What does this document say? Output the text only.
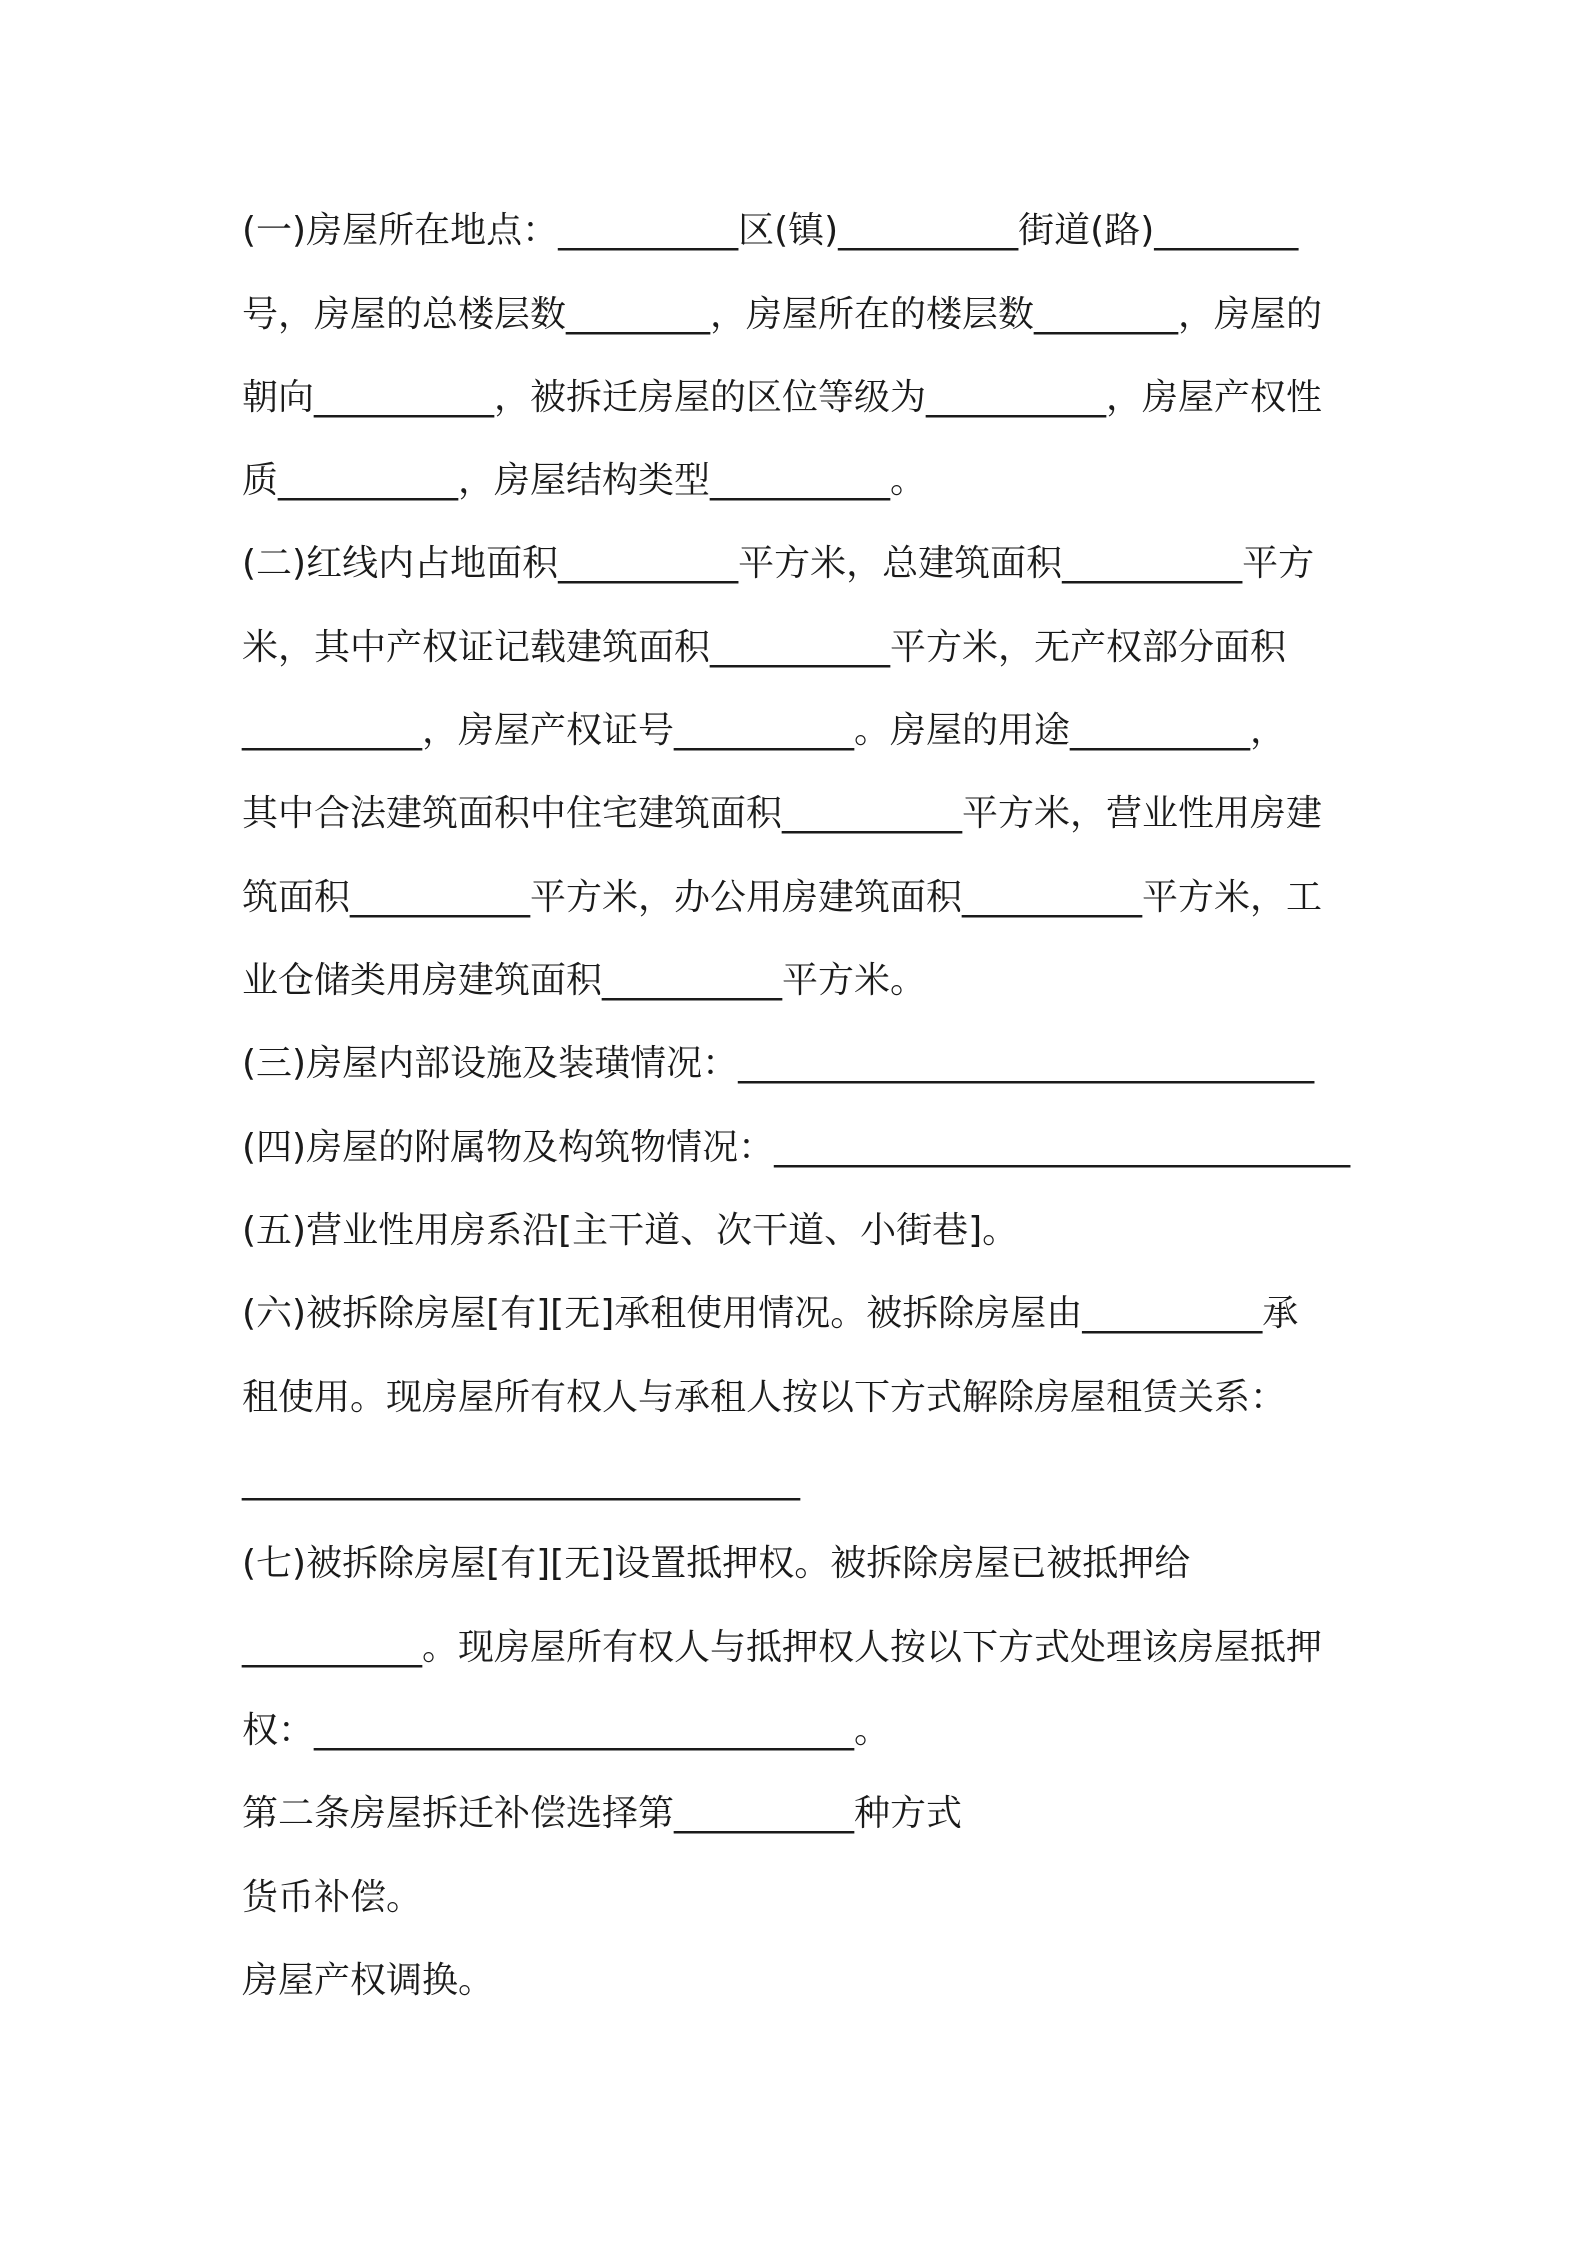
(一)房屋所在地点：__________区(镇)__________街道(路)________
号，房屋的总楼层数________，房屋所在的楼层数________，房屋的
朝向__________，被拆迁房屋的区位等级为__________，房屋产权性
质__________，房屋结构类型__________。
(二)红线内占地面积__________平方米，总建筑面积__________平方
米，其中产权证记载建筑面积__________平方米，无产权部分面积
__________，房屋产权证号__________。房屋的用途__________，
其中合法建筑面积中住宅建筑面积__________平方米，营业性用房建
筑面积__________平方米，办公用房建筑面积__________平方米，工
业仓储类用房建筑面积__________平方米。
(三)房屋内部设施及装璜情况：________________________________
(四)房屋的附属物及构筑物情况：________________________________
(五)营业性用房系沿[主干道、次干道、小街巷]。
(六)被拆除房屋[有][无]承租使用情况。被拆除房屋由__________承
租使用。现房屋所有权人与承租人按以下方式解除房屋租赁关系：
_______________________________
(七)被拆除房屋[有][无]设置抵押权。被拆除房屋已被抵押给
__________。现房屋所有权人与抵押权人按以下方式处理该房屋抵押
权：______________________________。
第二条房屋拆迁补偿选择第__________种方式
货币补偿。
房屋产权调换。
